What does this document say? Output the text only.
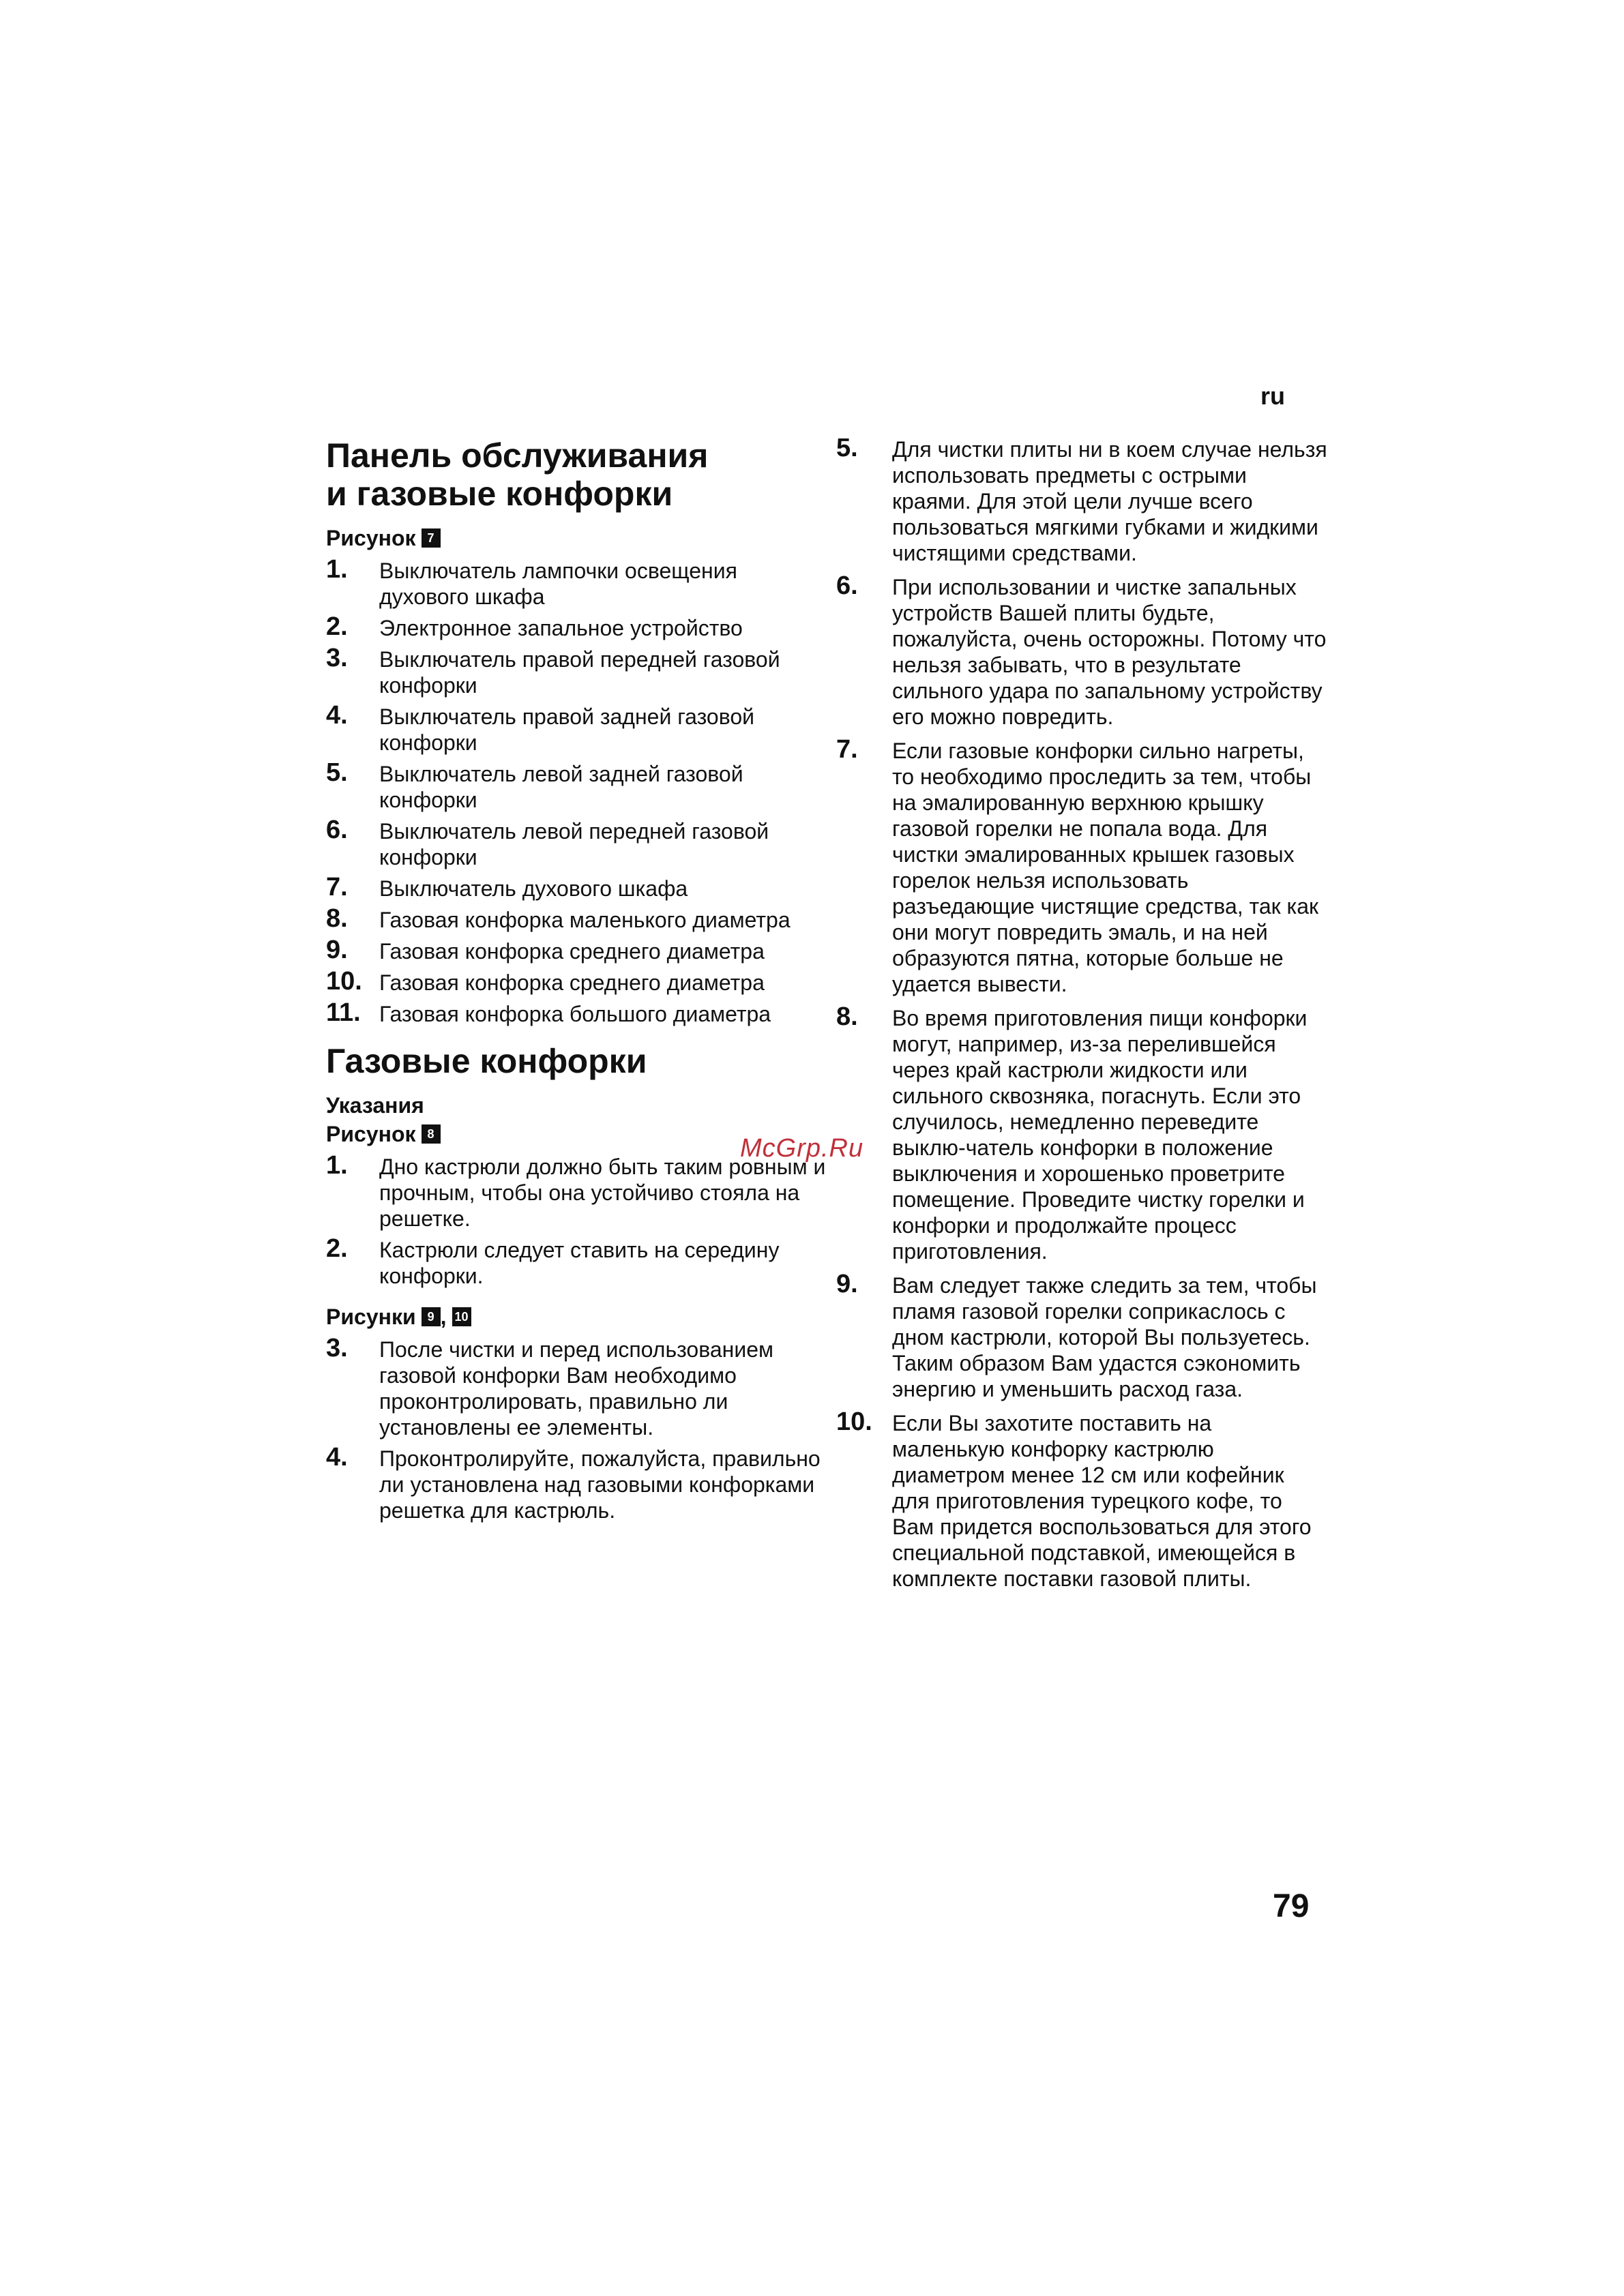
ru
McGrp.Ru
79
Панель обслуживания
и газовые конфорки
Рисунок 7
1. Выключатель лампочки освещения духового шкафа
2. Электронное запальное устройство
3. Выключатель правой передней газовой конфорки
4. Выключатель правой задней газовой конфорки
5. Выключатель левой задней газовой конфорки
6. Выключатель левой передней газовой конфорки
7. Выключатель духового шкафа
8. Газовая конфорка маленького диаметра
9. Газовая конфорка среднего диаметра
10. Газовая конфорка среднего диаметра
11. Газовая конфорка большого диаметра
Газовые конфорки
Указания
Рисунок 8
1. Дно кастрюли должно быть таким ровным и прочным, чтобы она устойчиво стояла на решетке.
2. Кастрюли следует ставить на середину конфорки.
Рисунки 9 , 10
3. После чистки и перед использованием газовой конфорки Вам необходимо проконтролировать, правильно ли установлены ее элементы.
4. Проконтролируйте, пожалуйста, правильно ли установлена над газовыми конфорками решетка для кастрюль.
5. Для чистки плиты ни в коем случае нельзя использовать предметы с острыми краями. Для этой цели лучше всего пользоваться мягкими губками и жидкими чистящими средствами.
6. При использовании и чистке запальных устройств Вашей плиты будьте, пожалуйста, очень осторожны. Потому что нельзя забывать, что в результате сильного удара по запальному устройству его можно повредить.
7. Если газовые конфорки сильно нагреты, то необходимо проследить за тем, чтобы на эмалированную верхнюю крышку газовой горелки не попала вода. Для чистки эмалированных крышек газовых горелок нельзя использовать разъедающие чистящие средства, так как они могут повредить эмаль, и на ней образуются пятна, которые больше не удается вывести.
8. Во время приготовления пищи конфорки могут, например, из-за перелившейся через край кастрюли жидкости или сильного сквозняка, погаснуть. Если это случилось, немедленно переведите выклю-чатель конфорки в положение выключения и хорошенько проветрите помещение. Проведите чистку горелки и конфорки и продолжайте процесс приготовления.
9. Вам следует также следить за тем, чтобы пламя газовой горелки соприкаслось с дном кастрюли, которой Вы пользуетесь. Таким образом Вам удастся сэкономить энергию и уменьшить расход газа.
10. Если Вы захотите поставить на маленькую конфорку кастрюлю диаметром менее 12 см или кофейник для приготовления турецкого кофе, то Вам придется воспользоваться для этого специальной подставкой, имеющейся в комплекте поставки газовой плиты.
